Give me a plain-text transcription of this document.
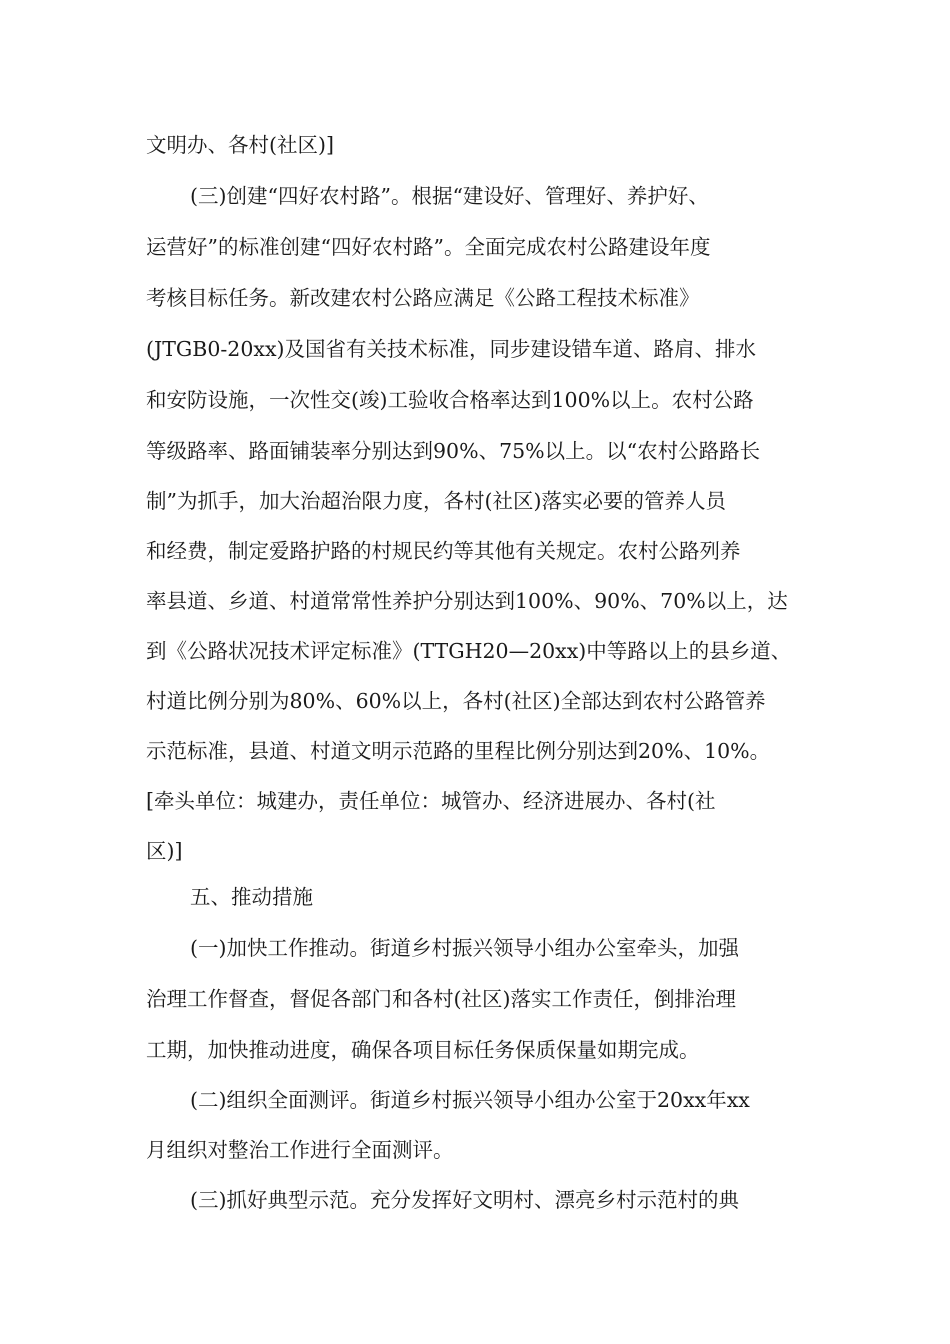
文明办、各村(社区)]
(三)创建“四好农村路”。根据“建设好、管理好、养护好、
运营好”的标准创建“四好农村路”。全面完成农村公路建设年度
考核目标任务。新改建农村公路应满足《公路工程技术标准》
(JTGB0-20xx)及国省有关技术标准，同步建设错车道、路肩、排水
和安防设施，一次性交(竣)工验收合格率达到100%以上。农村公路
等级路率、路面铺装率分别达到90%、75%以上。以“农村公路路长
制”为抓手，加大治超治限力度，各村(社区)落实必要的管养人员
和经费，制定爱路护路的村规民约等其他有关规定。农村公路列养
率县道、乡道、村道常常性养护分别达到100%、90%、70%以上，达
到《公路状况技术评定标准》(TTGH20—20xx)中等路以上的县乡道、
村道比例分别为80%、60%以上，各村(社区)全部达到农村公路管养
示范标准，县道、村道文明示范路的里程比例分别达到20%、10%。
[牵头单位：城建办，责任单位：城管办、经济进展办、各村(社
区)]
五、推动措施
(一)加快工作推动。街道乡村振兴领导小组办公室牵头，加强
治理工作督查，督促各部门和各村(社区)落实工作责任，倒排治理
工期，加快推动进度，确保各项目标任务保质保量如期完成。
(二)组织全面测评。街道乡村振兴领导小组办公室于20xx年xx
月组织对整治工作进行全面测评。
(三)抓好典型示范。充分发挥好文明村、漂亮乡村示范村的典
